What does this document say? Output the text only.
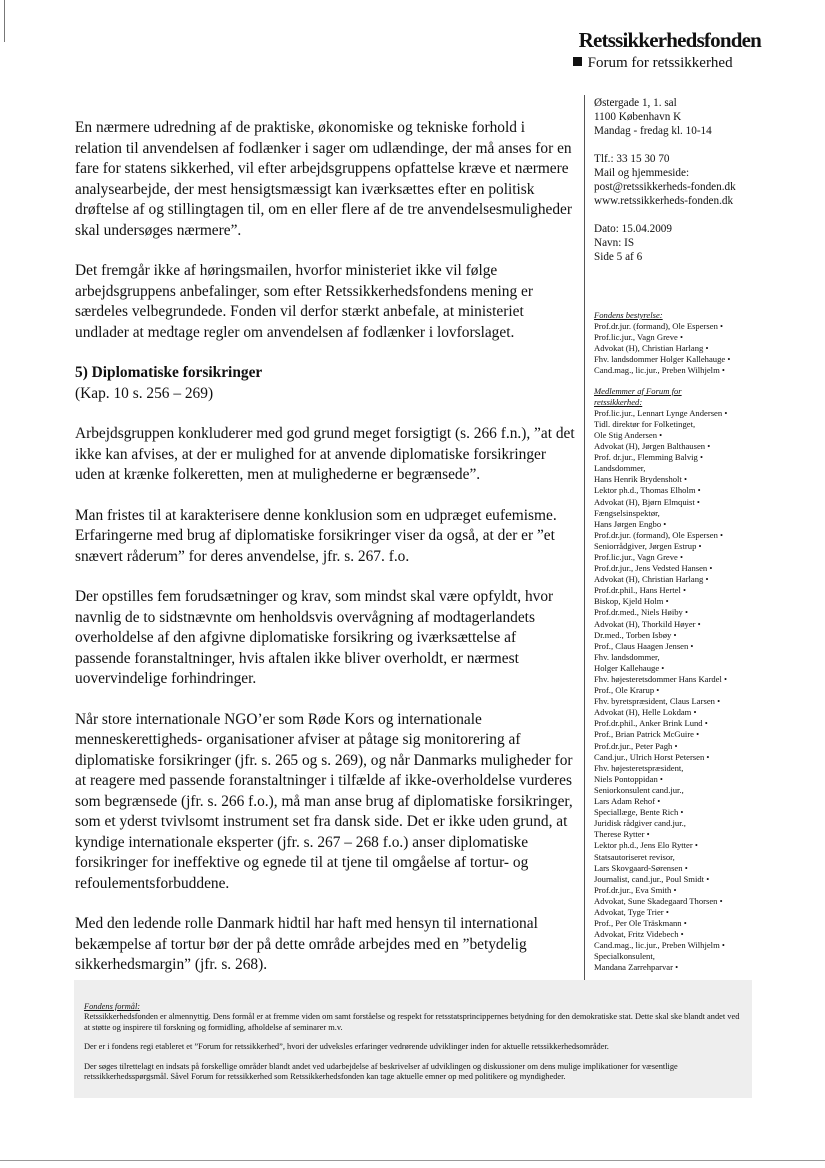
Retssikkerhedsfonden
Forum for retssikkerhed

En nærmere udredning af de praktiske, økonomiske og tekniske forhold i relation til anvendelsen af fodlænker i sager om udlændinge, der må anses for en fare for statens sikkerhed, vil efter arbejdsgruppens opfattelse kræve et nærmere analysearbejde, der mest hensigtsmæssigt kan iværksættes efter en politisk drøftelse af og stillingtagen til, om en eller flere af de tre anvendelsesmuligheder skal undersøges nærmere”.

Det fremgår ikke af høringsmailen, hvorfor ministeriet ikke vil følge arbejdsgruppens anbefalinger, som efter Retssikkerhedsfondens mening er særdeles velbegrundede. Fonden vil derfor stærkt anbefale, at ministeriet undlader at medtage regler om anvendelsen af fodlænker i lovforslaget.

5) Diplomatiske forsikringer

(Kap. 10 s. 256 – 269)

Arbejdsgruppen konkluderer med god grund meget forsigtigt (s. 266 f.n.), ”at det ikke kan afvises, at der er mulighed for at anvende diplomatiske forsikringer uden at krænke folkeretten, men at mulighederne er begrænsede”.

Man fristes til at karakterisere denne konklusion som en udpræget eufemisme. Erfaringerne med brug af diplomatiske forsikringer viser da også, at der er ”et snævert råderum” for deres anvendelse, jfr. s. 267. f.o.

Der opstilles fem forudsætninger og krav, som mindst skal være opfyldt, hvor navnlig de to sidstnævnte om henholdsvis overvågning af modtagerlandets overholdelse af den afgivne diplomatiske forsikring og iværksættelse af passende foranstaltninger, hvis aftalen ikke bliver overholdt, er nærmest uovervindelige forhindringer.

Når store internationale NGO’er som Røde Kors og internationale menneskerettigheds- organisationer afviser at påtage sig monitorering af diplomatiske forsikringer (jfr. s. 265 og s. 269), og når Danmarks muligheder for at reagere med passende foranstaltninger i tilfælde af ikke-overholdelse vurderes som begrænsede (jfr. s. 266 f.o.), må man anse brug af diplomatiske forsikringer, som et yderst tvivlsomt instrument set fra dansk side. Det er ikke uden grund, at kyndige internationale eksperter (jfr. s. 267 – 268 f.o.) anser diplomatiske forsikringer for ineffektive og egnede til at tjene til omgåelse af tortur- og refoulementsforbuddene.

Med den ledende rolle Danmark hidtil har haft med hensyn til international bekæmpelse af tortur bør der på dette område arbejdes med en ”betydelig sikkerhedsmargin” (jfr. s. 268).

Østergade 1, 1. sal
1100 København K
Mandag - fredag kl. 10-14
Tlf.: 33 15 30 70
Mail og hjemmeside:
post@retssikkerheds-fonden.dk
www.retssikkerheds-fonden.dk
Dato: 15.04.2009
Navn: IS
Side 5 af 6
Fondens bestyrelse:
Prof.dr.jur. (formand), Ole Espersen •
Prof.lic.jur., Vagn Greve •
Advokat (H), Christian Harlang •
Fhv. landsdommer Holger Kallehauge •
Cand.mag., lic.jur., Preben Wilhjelm •
Medlemmer af Forum for
retssikkerhed:
Prof.lic.jur., Lennart Lynge Andersen •
Tidl. direktør for Folketinget,
Ole Stig Andersen •
Advokat (H), Jørgen Balthausen •
Prof. dr.jur., Flemming Balvig •
Landsdommer,
Hans Henrik Brydensholt •
Lektor ph.d., Thomas Elholm •
Advokat (H), Bjørn Elmquist •
Fængselsinspektør,
Hans Jørgen Engbo •
Prof.dr.jur. (formand), Ole Espersen •
Seniorrådgiver, Jørgen Estrup •
Prof.lic.jur., Vagn Greve •
Prof.dr.jur., Jens Vedsted Hansen •
Advokat (H), Christian Harlang •
Prof.dr.phil., Hans Hertel •
Biskop, Kjeld Holm •
Prof.dr.med., Niels Høiby •
Advokat (H), Thorkild Høyer •
Dr.med., Torben Isbøy •
Prof., Claus Haagen Jensen •
Fhv. landsdommer,
Holger Kallehauge •
Fhv. højesteretsdommer Hans Kardel •
Prof., Ole Krarup •
Fhv. byretspræsident, Claus Larsen •
Advokat (H), Helle Lokdam •
Prof.dr.phil., Anker Brink Lund •
Prof., Brian Patrick McGuire •
Prof.dr.jur., Peter Pagh •
Cand.jur., Ulrich Horst Petersen •
Fhv. højesteretspræsident,
Niels Pontoppidan •
Seniorkonsulent cand.jur.,
Lars Adam Rehof •
Speciallæge, Bente Rich •
Juridisk rådgiver cand.jur.,
Therese Rytter •
Lektor ph.d., Jens Elo Rytter •
Statsautoriseret revisor,
Lars Skovgaard-Sørensen •
Journalist, cand.jur., Poul Smidt •
Prof.dr.jur., Eva Smith •
Advokat, Sune Skadegaard Thorsen •
Advokat, Tyge Trier •
Prof., Per Ole Träskmann •
Advokat, Fritz Videbech •
Cand.mag., lic.jur., Preben Wilhjelm •
Specialkonsulent,
Mandana Zarrehparvar •
Fondens formål:

Retssikkerhedsfonden er almennyttig. Dens formål er at fremme viden om samt forståelse og respekt for retsstatsprincippernes betydning for den demokratiske stat. Dette skal ske blandt andet ved at støtte og inspirere til forskning og formidling, afholdelse af seminarer m.v.

Der er i fondens regi etableret et ”Forum for retssikkerhed”, hvori der udveksles erfaringer vedrørende udviklinger inden for aktuelle retssikkerhedsområder.

Der søges tilrettelagt en indsats på forskellige områder blandt andet ved udarbejdelse af beskrivelser af udviklingen og diskussioner om dens mulige implikationer for væsentlige retssikkerhedsspørgsmål. Såvel Forum for retssikkerhed som Retssikkerhedsfonden kan tage aktuelle emner op med politikere og myndigheder.
